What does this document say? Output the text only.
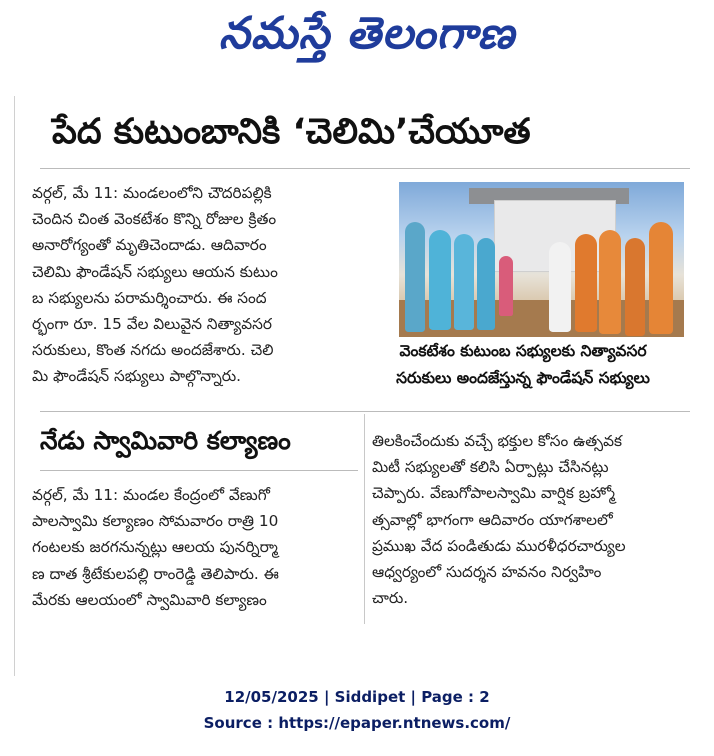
నమస్తే తెలంగాణ
పేద కుటుంబానికి ‘చెలిమి’చేయూత
వర్గల్‌, మే 11: మండలంలోని చౌదరిపల్లికి
చెందిన చింత వెంకటేశం కొన్ని రోజుల క్రితం
అనారోగ్యంతో మృతిచెందాడు. ఆదివారం
చెలిమి ఫౌండేషన్‌ సభ్యులు ఆయన కుటుం
బ సభ్యులను పరామర్శించారు. ఈ సంద
ర్భంగా రూ. 15 వేల విలువైన నిత్యావసర
సరుకులు, కొంత నగదు అందజేశారు. చెలి
మి ఫౌండేషన్‌ సభ్యులు పాల్గొన్నారు.
వెంకటేశం కుటుంబ సభ్యులకు నిత్యావసర
సరుకులు అందజేస్తున్న ఫౌండేషన్‌ సభ్యులు
నేడు స్వామివారి కల్యాణం
వర్గల్‌, మే 11: మండల కేంద్రంలో వేణుగో
పాలస్వామి కల్యాణం సోమవారం రాత్రి 10
గంటలకు జరగనున్నట్లు ఆలయ పునర్నిర్మా
ణ దాత శ్రీటేకులపల్లి రాంరెడ్డి తెలిపారు. ఈ
మేరకు ఆలయంలో స్వామివారి కల్యాణం
తిలకించేందుకు వచ్చే భక్తుల కోసం ఉత్సవక
మిటీ సభ్యులతో కలిసి ఏర్పాట్లు చేసినట్లు
చెప్పారు. వేణుగోపాలస్వామి వార్షిక బ్రహ్మో
త్సవాల్లో భాగంగా ఆదివారం యాగశాలలో
ప్రముఖ వేద పండితుడు మురళీధరచార్యుల
ఆధ్వర్యంలో సుదర్శన హవనం నిర్వహిం
చారు.
12/05/2025 | Siddipet | Page : 2
Source : https://epaper.ntnews.com/
